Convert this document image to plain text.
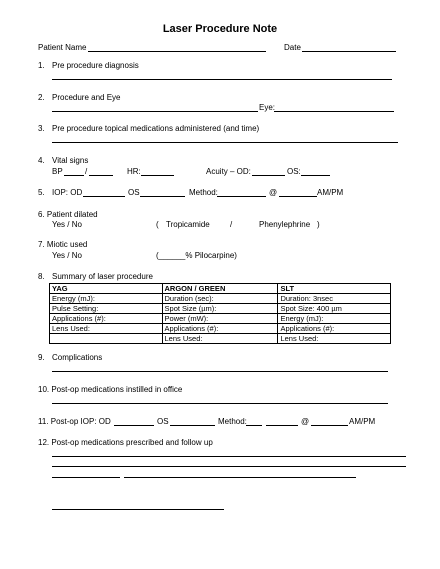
Laser Procedure Note
Patient Name	Date
1. Pre procedure diagnosis
2. Procedure and Eye
Eye:
3. Pre procedure topical medications administered (and time)
4. Vital signs
BP	/	HR:	Acuity – OD:	OS:
5. IOP: OD	OS	Method:	@	AM/PM
6. Patient dilated
Yes / No	( Tropicamide	/	Phenylephrine )
7. Miotic used
Yes / No	(______% Pilocarpine)
8. Summary of laser procedure
YAG	ARGON / GREEN	SLT
Energy (mJ):	Duration (sec):	Duration: 3nsec
Pulse Setting:	Spot Size (µm):	Spot Size: 400 µm
Applications (#):	Power (mW):	Energy (mJ):
Lens Used:	Applications (#):	Applications (#):
	Lens Used:	Lens Used:
9. Complications
10. Post-op medications instilled in office
11. Post-op IOP: OD	OS	Method:	@	AM/PM
12. Post-op medications prescribed and follow up
